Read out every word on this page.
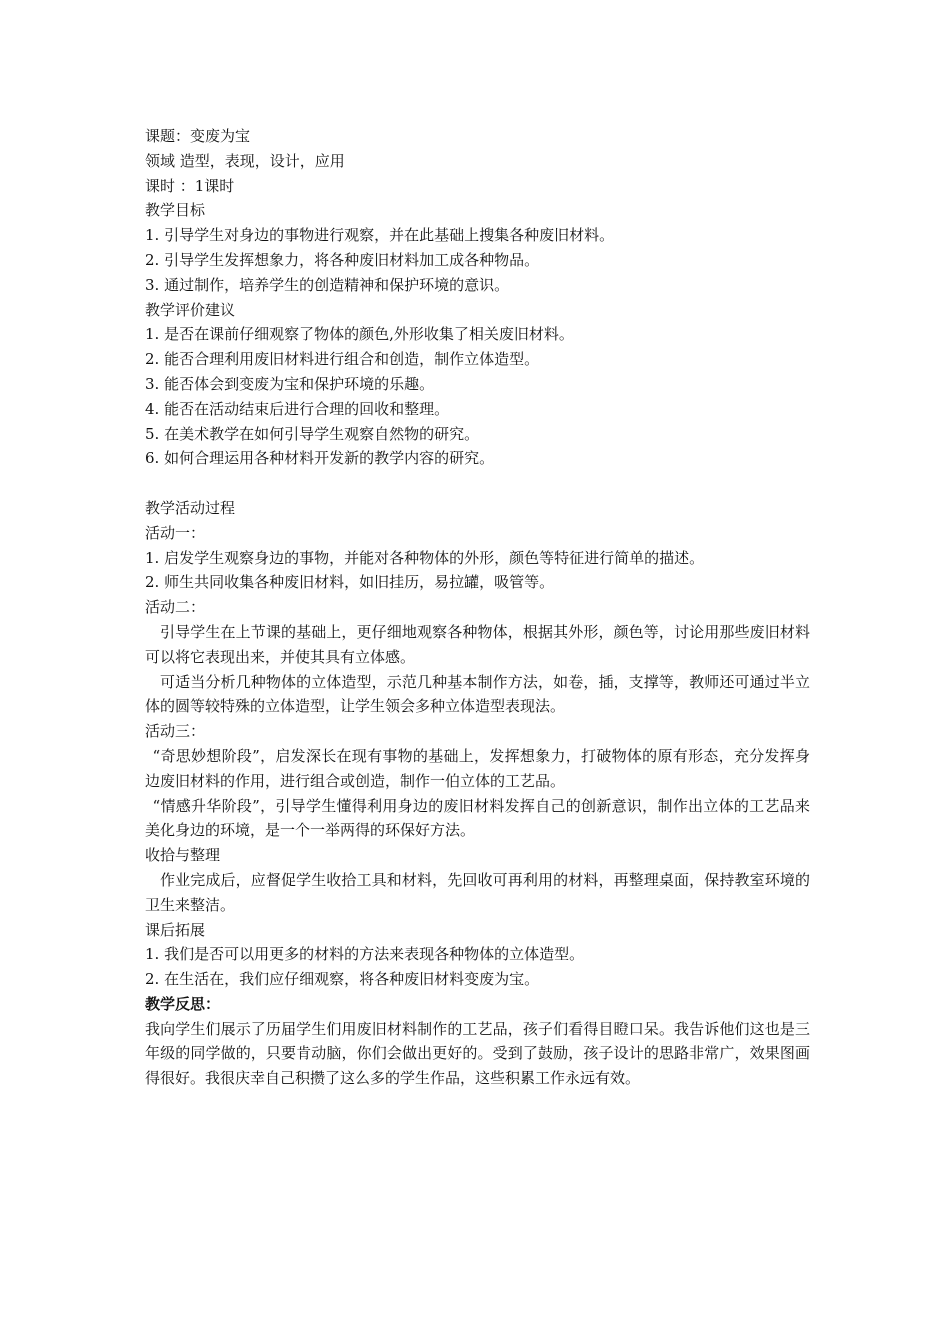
课题：变废为宝
领域 造型，表现，设计，应用
课时 ：1课时
教学目标
1. 引导学生对身边的事物进行观察，并在此基础上搜集各种废旧材料。
2. 引导学生发挥想象力，将各种废旧材料加工成各种物品。
3. 通过制作，培养学生的创造精神和保护环境的意识。
教学评价建议
1. 是否在课前仔细观察了物体的颜色,外形收集了相关废旧材料。
2. 能否合理利用废旧材料进行组合和创造，制作立体造型。
3. 能否体会到变废为宝和保护环境的乐趣。
4. 能否在活动结束后进行合理的回收和整理。
5. 在美术教学在如何引导学生观察自然物的研究。
6. 如何合理运用各种材料开发新的教学内容的研究。
教学活动过程
活动一：
1. 启发学生观察身边的事物，并能对各种物体的外形，颜色等特征进行简单的描述。
2. 师生共同收集各种废旧材料，如旧挂历，易拉罐，吸管等。
活动二：
引导学生在上节课的基础上，更仔细地观察各种物体，根据其外形，颜色等，讨论用那些废旧材料可以将它表现出来，并使其具有立体感。
可适当分析几种物体的立体造型，示范几种基本制作方法，如卷，插，支撑等，教师还可通过半立体的圆等较特殊的立体造型，让学生领会多种立体造型表现法。
活动三：
“奇思妙想阶段”，启发深长在现有事物的基础上，发挥想象力，打破物体的原有形态，充分发挥身边废旧材料的作用，进行组合或创造，制作一伯立体的工艺品。
“情感升华阶段”，引导学生懂得利用身边的废旧材料发挥自己的创新意识，制作出立体的工艺品来美化身边的环境，是一个一举两得的环保好方法。
收拾与整理
作业完成后，应督促学生收拾工具和材料，先回收可再利用的材料，再整理桌面，保持教室环境的卫生来整洁。
课后拓展
1. 我们是否可以用更多的材料的方法来表现各种物体的立体造型。
2. 在生活在，我们应仔细观察，将各种废旧材料变废为宝。
教学反思：
我向学生们展示了历届学生们用废旧材料制作的工艺品，孩子们看得目瞪口呆。我告诉他们这也是三年级的同学做的，只要肯动脑，你们会做出更好的。受到了鼓励，孩子设计的思路非常广，效果图画得很好。我很庆幸自己积攒了这么多的学生作品，这些积累工作永远有效。
